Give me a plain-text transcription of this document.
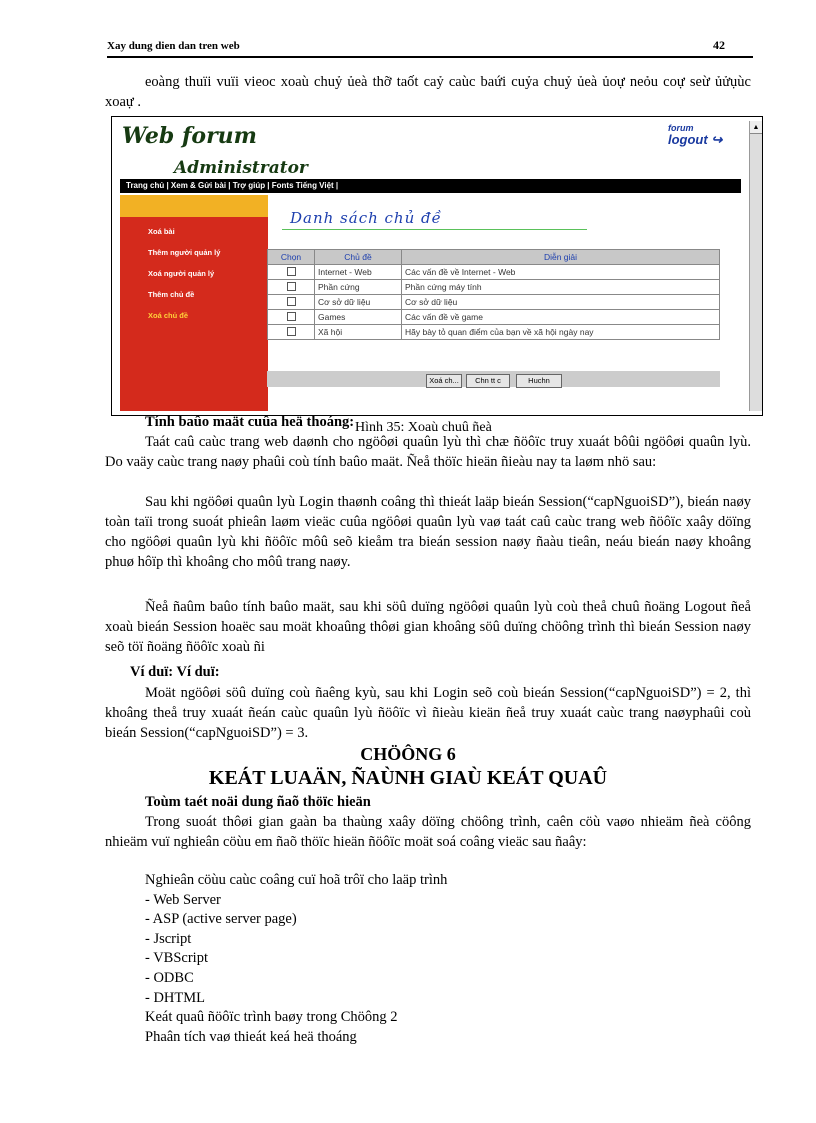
Xay dung dien dan tren web	42
eoàng thuïi vuïi vieoc xoaù chuỷ ủeà thỡ taốt caỷ caùc baứi cuỷa chuỷ ủeà ủoự neỏu coự seừ ủửụùc xoaự .
Web forum
Administrator
forum
logout ↪
▲
Trang chủ | Xem & Gửi bài | Trợ giúp | Fonts Tiếng Việt |
Xoá bài
Thêm người quản lý
Xoá người quản lý
Thêm chủ đề
Xoá chủ đề
Danh sách chủ đề
Chọn	Chủ đề	Diễn giải
	Internet - Web	Các vấn đề về Internet - Web
	Phần cứng	Phần cứng máy tính
	Cơ sở dữ liệu	Cơ sở dữ liệu
	Games	Các vấn đề về game
	Xã hội	Hãy bày tỏ quan điểm của bạn về xã hội ngày nay
Xoá ch...	Chn tt c	Huchn
Hình 35: Xoaù chuû ñeà
Tính baûo maät cuûa heä thoáng:
Taát caû caùc trang web daønh cho ngöôøi quaûn lyù thì chæ ñöôïc truy xuaát bôûi ngöôøi quaûn lyù. Do vaäy caùc trang naøy phaûi coù tính baûo maät. Ñeå thöïc hieän ñieàu nay ta laøm nhö sau:
Sau khi ngöôøi quaûn lyù Login thaønh coâng thì thieát laäp bieán Session(“capNguoiSD”), bieán naøy toàn taïi trong suoát phieân laøm vieäc cuûa ngöôøi quaûn lyù vaø taát caû caùc trang web ñöôïc xaây döïng cho ngöôøi quaûn lyù khi ñöôïc môû seõ kieåm tra bieán session naøy ñaàu tieân, neáu bieán naøy khoâng phuø hôïp thì khoâng cho môû trang naøy.
Ñeå ñaûm baûo tính baûo maät, sau khi söû duïng ngöôøi quaûn lyù coù theå chuû ñoäng Logout ñeå xoaù bieán Session hoaëc sau moät khoaûng thôøi gian khoâng söû duïng chöông trình thì bieán Session naøy seõ töï ñoäng ñöôïc xoaù ñi
Ví duï: Ví duï:
Moät ngöôøi söû duïng coù ñaêng kyù, sau khi Login seõ coù bieán Session(“capNguoiSD”) = 2, thì khoâng theå truy xuaát ñeán caùc quaûn lyù ñöôïc vì ñieàu kieän ñeå truy xuaát caùc trang naøyphaûi coù bieán Session(“capNguoiSD”) = 3.
CHÖÔNG 6
KEÁT LUAÄN, ÑAÙNH GIAÙ KEÁT QUAÛ
Toùm taét noäi dung ñaõ thöïc hieän
Trong suoát thôøi gian gaàn ba thaùng xaây döïng chöông trình, caên cöù vaøo nhieäm ñeà cöông nhieäm vuï nghieân cöùu em ñaõ thöïc hieän ñöôïc moät soá coâng vieäc sau ñaây:
Nghieân cöùu caùc coâng cuï hoã trôï cho laäp trình
- Web Server
- ASP (active server page)
- Jscript
- VBScript
- ODBC
- DHTML
Keát quaû ñöôïc trình baøy trong Chöông 2
Phaân tích vaø thieát keá heä thoáng
